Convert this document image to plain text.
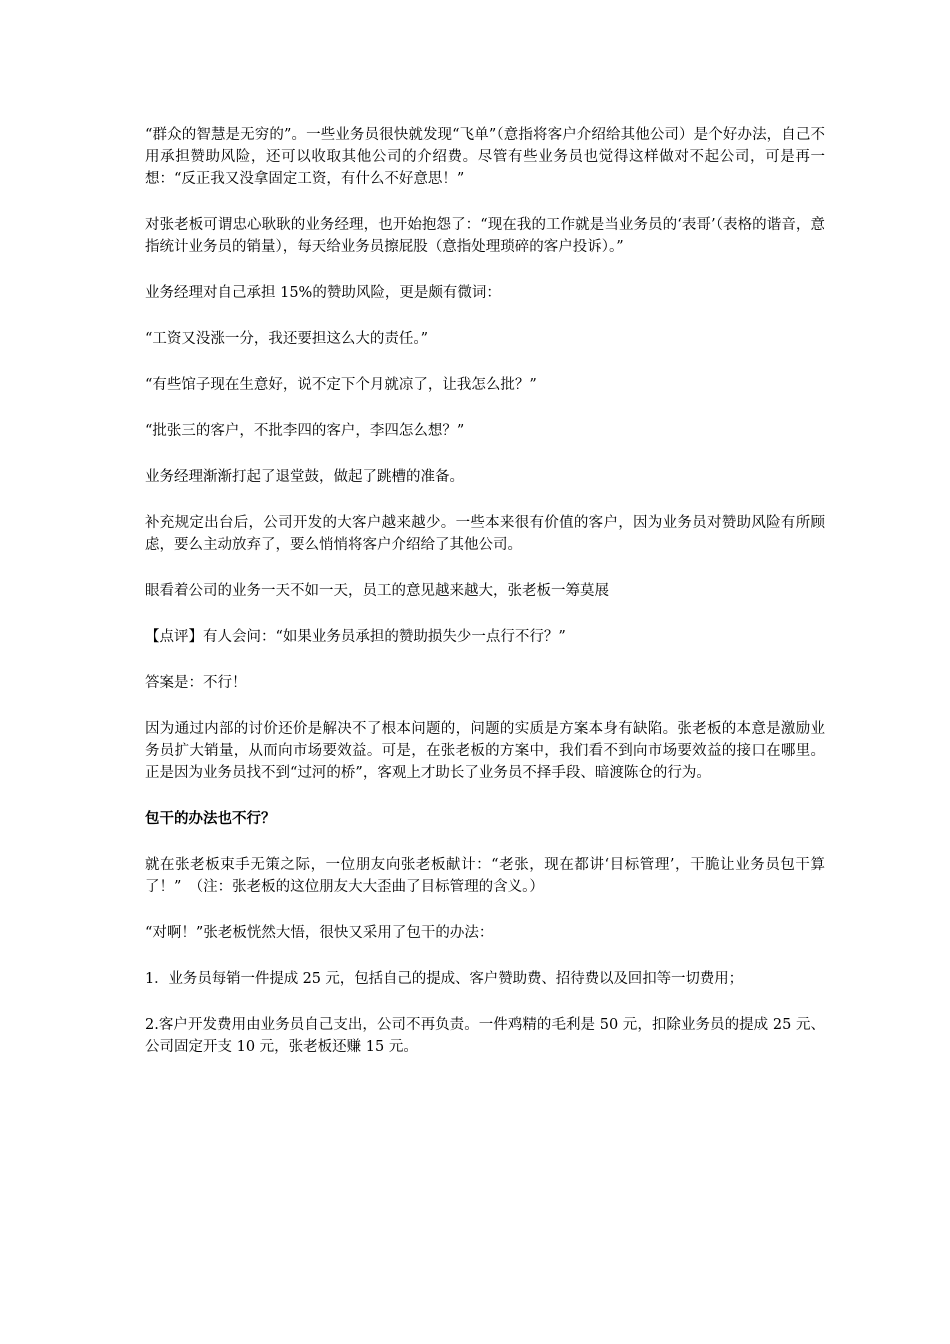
“群众的智慧是无穷的”。一些业务员很快就发现“飞单”（意指将客户介绍给其他公司）是个好办法，自己不用承担赞助风险，还可以收取其他公司的介绍费。尽管有些业务员也觉得这样做对不起公司，可是再一想：“反正我又没拿固定工资，有什么不好意思！”

对张老板可谓忠心耿耿的业务经理，也开始抱怨了：“现在我的工作就是当业务员的‘表哥’（表格的谐音，意指统计业务员的销量），每天给业务员擦屁股（意指处理琐碎的客户投诉）。”

业务经理对自己承担 15%的赞助风险，更是颇有微词：

“工资又没涨一分，我还要担这么大的责任。”

“有些馆子现在生意好，说不定下个月就凉了，让我怎么批？”

“批张三的客户，不批李四的客户，李四怎么想？”

业务经理渐渐打起了退堂鼓，做起了跳槽的准备。

补充规定出台后，公司开发的大客户越来越少。一些本来很有价值的客户，因为业务员对赞助风险有所顾虑，要么主动放弃了，要么悄悄将客户介绍给了其他公司。

眼看着公司的业务一天不如一天，员工的意见越来越大，张老板一筹莫展

【点评】有人会问：“如果业务员承担的赞助损失少一点行不行？”

答案是：不行！

因为通过内部的讨价还价是解决不了根本问题的，问题的实质是方案本身有缺陷。张老板的本意是激励业务员扩大销量，从而向市场要效益。可是，在张老板的方案中，我们看不到向市场要效益的接口在哪里。正是因为业务员找不到“过河的桥”，客观上才助长了业务员不择手段、暗渡陈仓的行为。

包干的办法也不行？

就在张老板束手无策之际，一位朋友向张老板献计：“老张，现在都讲‘目标管理’，干脆让业务员包干算了！”　（注：张老板的这位朋友大大歪曲了目标管理的含义。）

“对啊！”张老板恍然大悟，很快又采用了包干的办法：

1．业务员每销一件提成 25 元，包括自己的提成、客户赞助费、招待费以及回扣等一切费用；

2.客户开发费用由业务员自己支出，公司不再负责。一件鸡精的毛利是 50 元，扣除业务员的提成 25 元、公司固定开支 10 元，张老板还赚 15 元。
